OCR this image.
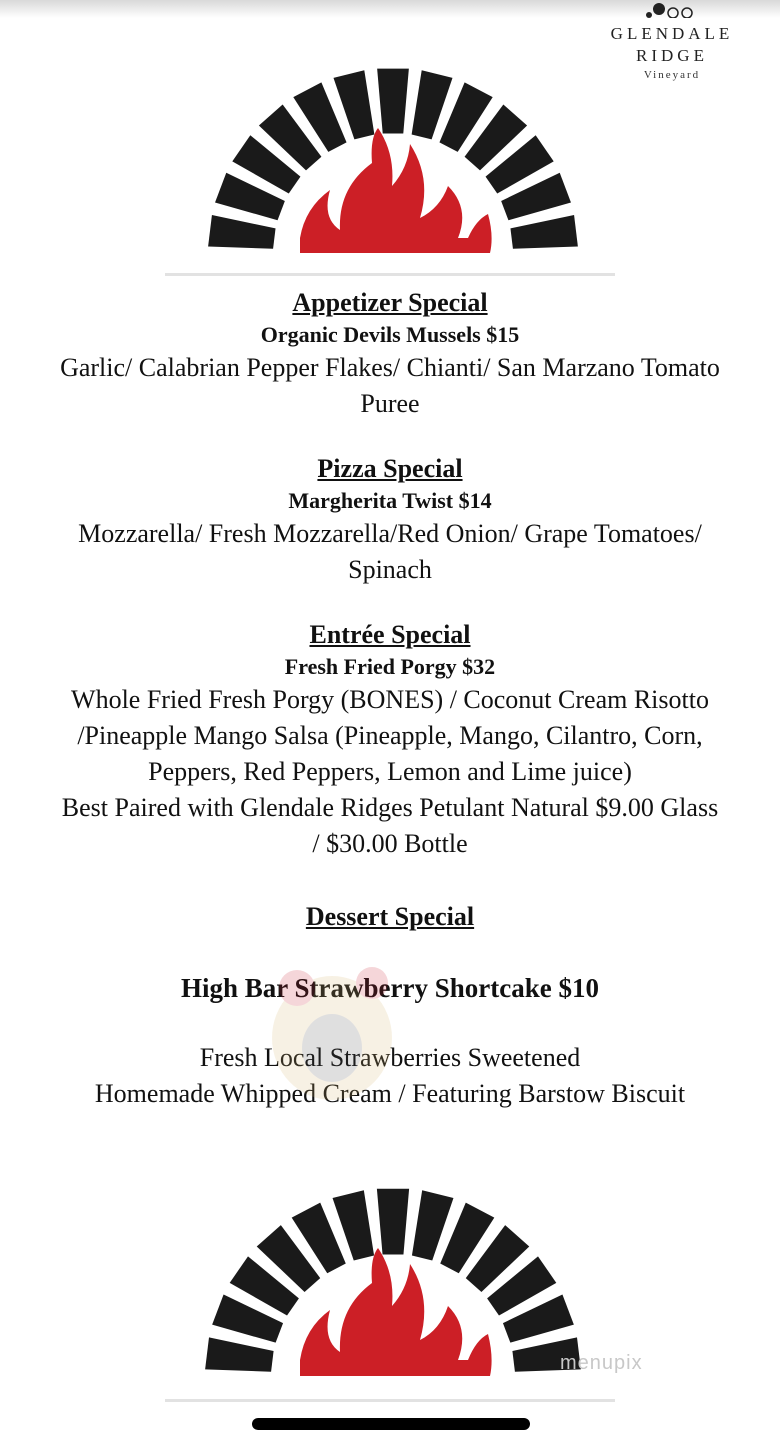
GLENDALE
RIDGE
Vineyard
Appetizer Special
Organic Devils Mussels $15
Garlic/ Calabrian Pepper Flakes/ Chianti/ San Marzano Tomato
Puree
Pizza Special
Margherita Twist $14
Mozzarella/ Fresh Mozzarella/Red Onion/ Grape Tomatoes/
Spinach
Entrée Special
Fresh Fried Porgy $32
Whole Fried Fresh Porgy (BONES) / Coconut Cream Risotto
/Pineapple Mango Salsa (Pineapple, Mango, Cilantro, Corn,
Peppers, Red Peppers, Lemon and Lime juice)
Best Paired with Glendale Ridges Petulant Natural $9.00 Glass
/ $30.00 Bottle
Dessert Special
High Bar Strawberry Shortcake $10
Fresh Local Strawberries Sweetened
Homemade Whipped Cream / Featuring Barstow Biscuit
menupix
